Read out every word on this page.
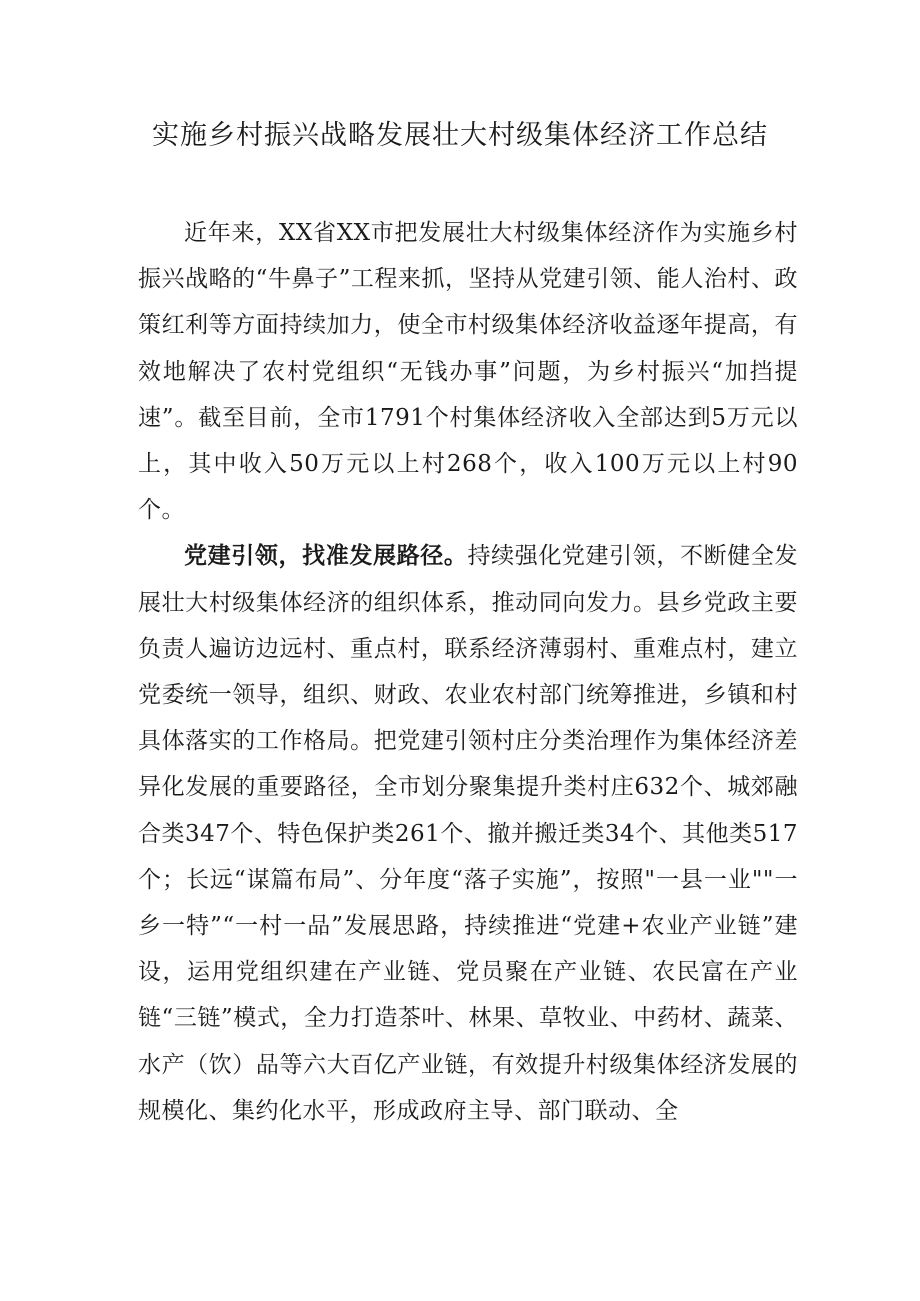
实施乡村振兴战略发展壮大村级集体经济工作总结

近年来，XX省XX市把发展壮大村级集体经济作为实施乡村振兴战略的“牛鼻子”工程来抓，坚持从党建引领、能人治村、政策红利等方面持续加力，使全市村级集体经济收益逐年提高，有效地解决了农村党组织“无钱办事”问题，为乡村振兴“加挡提速”。截至目前，全市1791个村集体经济收入全部达到5万元以上，其中收入50万元以上村268个，收入100万元以上村90个。

党建引领，找准发展路径。持续强化党建引领，不断健全发展壮大村级集体经济的组织体系，推动同向发力。县乡党政主要负责人遍访边远村、重点村，联系经济薄弱村、重难点村，建立党委统一领导，组织、财政、农业农村部门统筹推进，乡镇和村具体落实的工作格局。把党建引领村庄分类治理作为集体经济差异化发展的重要路径，全市划分聚集提升类村庄632个、城郊融合类347个、特色保护类261个、撤并搬迁类34个、其他类517个；长远“谋篇布局”、分年度“落子实施”，按照"一县一业""一乡一特”“一村一品”发展思路，持续推进“党建+农业产业链”建设，运用党组织建在产业链、党员聚在产业链、农民富在产业链“三链”模式，全力打造茶叶、林果、草牧业、中药材、蔬菜、水产（饮）品等六大百亿产业链，有效提升村级集体经济发展的规模化、集约化水平，形成政府主导、部门联动、全
